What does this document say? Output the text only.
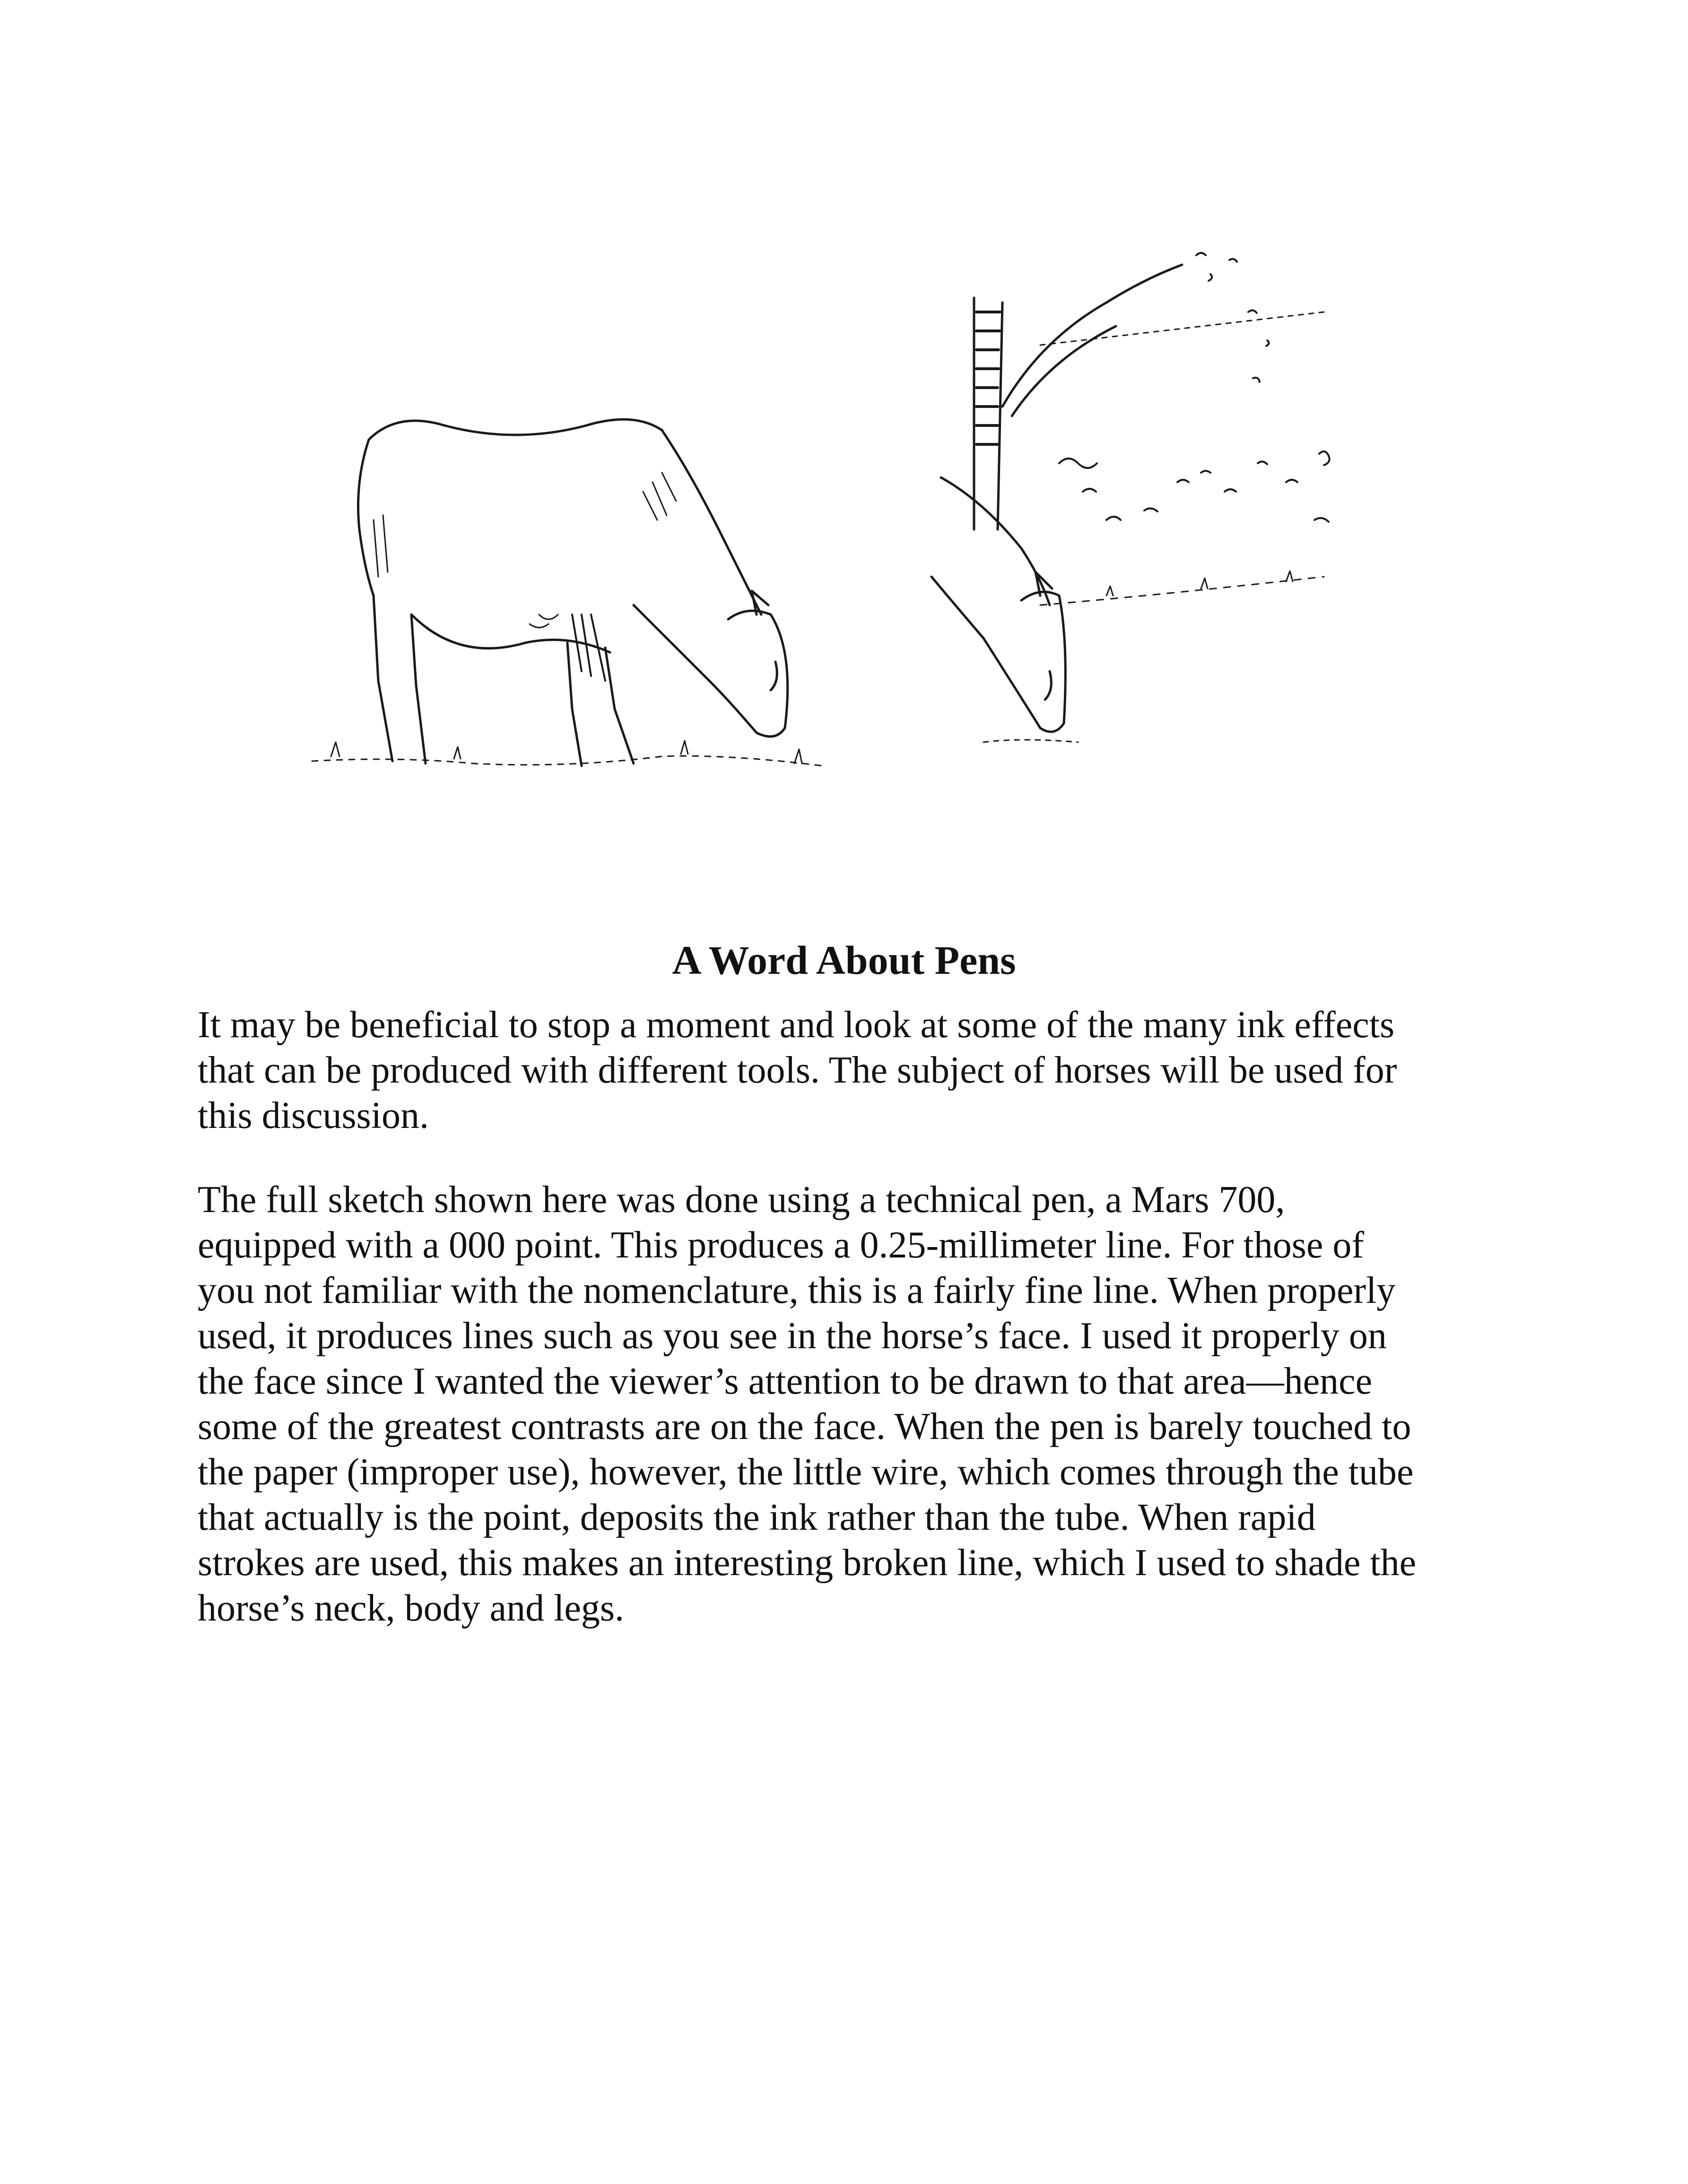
A Word About Pens
It may be beneficial to stop a moment and look at some of the many ink effects
that can be produced with different tools. The subject of horses will be used for
this discussion.
The full sketch shown here was done using a technical pen, a Mars 700,
equipped with a 000 point. This produces a 0.25-millimeter line. For those of
you not familiar with the nomenclature, this is a fairly fine line. When properly
used, it produces lines such as you see in the horse’s face. I used it properly on
the face since I wanted the viewer’s attention to be drawn to that area—hence
some of the greatest contrasts are on the face. When the pen is barely touched to
the paper (improper use), however, the little wire, which comes through the tube
that actually is the point, deposits the ink rather than the tube. When rapid
strokes are used, this makes an interesting broken line, which I used to shade the
horse’s neck, body and legs.
